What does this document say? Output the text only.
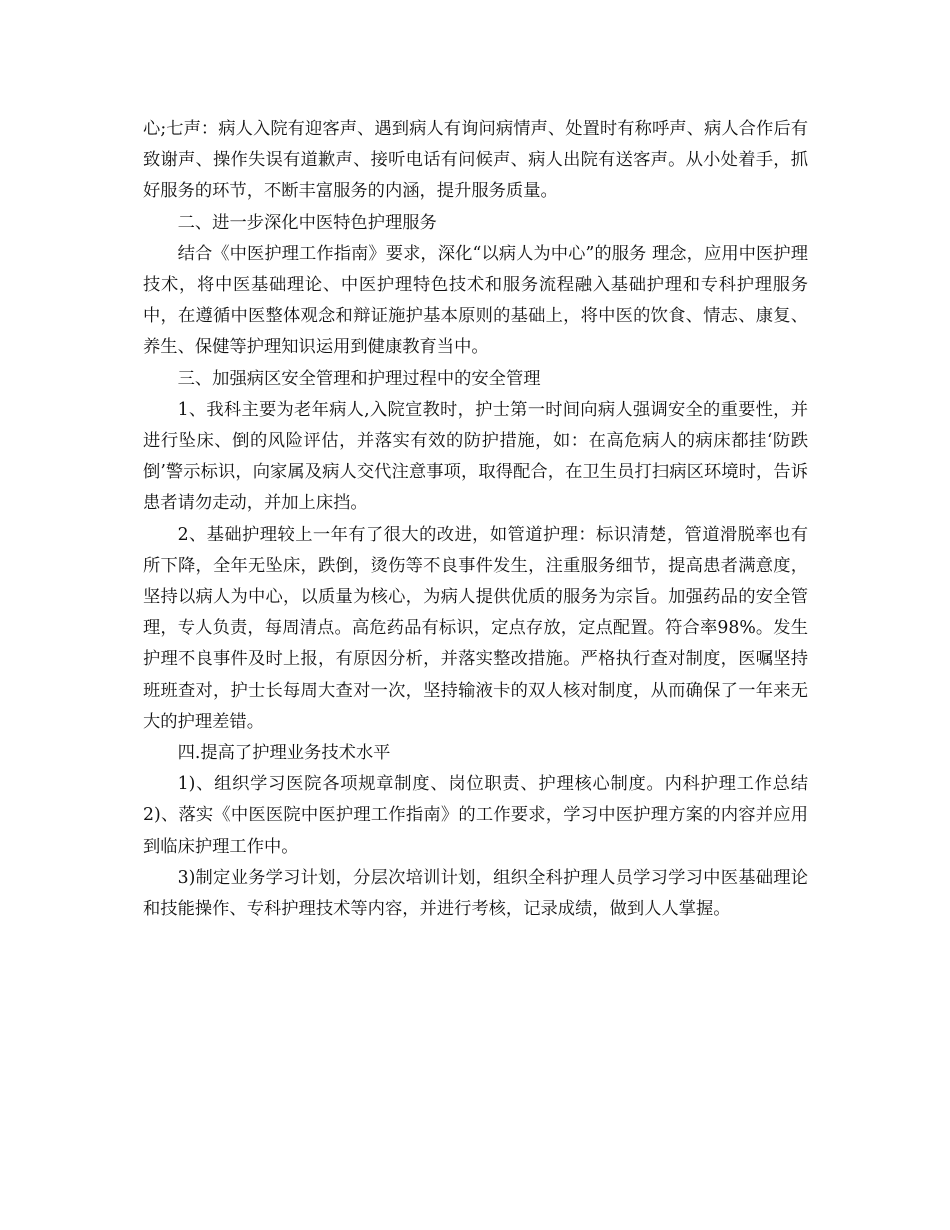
心;七声：病人入院有迎客声、遇到病人有询问病情声、处置时有称呼声、病人合作后有致谢声、操作失误有道歉声、接听电话有问候声、病人出院有送客声。从小处着手，抓好服务的环节，不断丰富服务的内涵，提升服务质量。

二、进一步深化中医特色护理服务

结合《中医护理工作指南》要求，深化“以病人为中心”的服务 理念，应用中医护理技术，将中医基础理论、中医护理特色技术和服务流程融入基础护理和专科护理服务中，在遵循中医整体观念和辩证施护基本原则的基础上，将中医的饮食、情志、康复、养生、保健等护理知识运用到健康教育当中。

三、加强病区安全管理和护理过程中的安全管理

1、我科主要为老年病人,入院宣教时，护士第一时间向病人强调安全的重要性，并进行坠床、倒的风险评估，并落实有效的防护措施，如：在高危病人的病床都挂‘防跌倒’警示标识，向家属及病人交代注意事项，取得配合，在卫生员打扫病区环境时，告诉患者请勿走动，并加上床挡。

2、基础护理较上一年有了很大的改进，如管道护理：标识清楚，管道滑脱率也有所下降，全年无坠床，跌倒，烫伤等不良事件发生，注重服务细节，提高患者满意度，坚持以病人为中心，以质量为核心，为病人提供优质的服务为宗旨。加强药品的安全管理，专人负责，每周清点。高危药品有标识，定点存放，定点配置。符合率98%。发生护理不良事件及时上报，有原因分析，并落实整改措施。严格执行查对制度，医嘱坚持班班查对，护士长每周大查对一次，坚持输液卡的双人核对制度，从而确保了一年来无大的护理差错。

四.提高了护理业务技术水平

1)、组织学习医院各项规章制度、岗位职责、护理核心制度。内科护理工作总结2)、落实《中医医院中医护理工作指南》的工作要求，学习中医护理方案的内容并应用到临床护理工作中。

3)制定业务学习计划，分层次培训计划，组织全科护理人员学习学习中医基础理论和技能操作、专科护理技术等内容，并进行考核，记录成绩，做到人人掌握。
